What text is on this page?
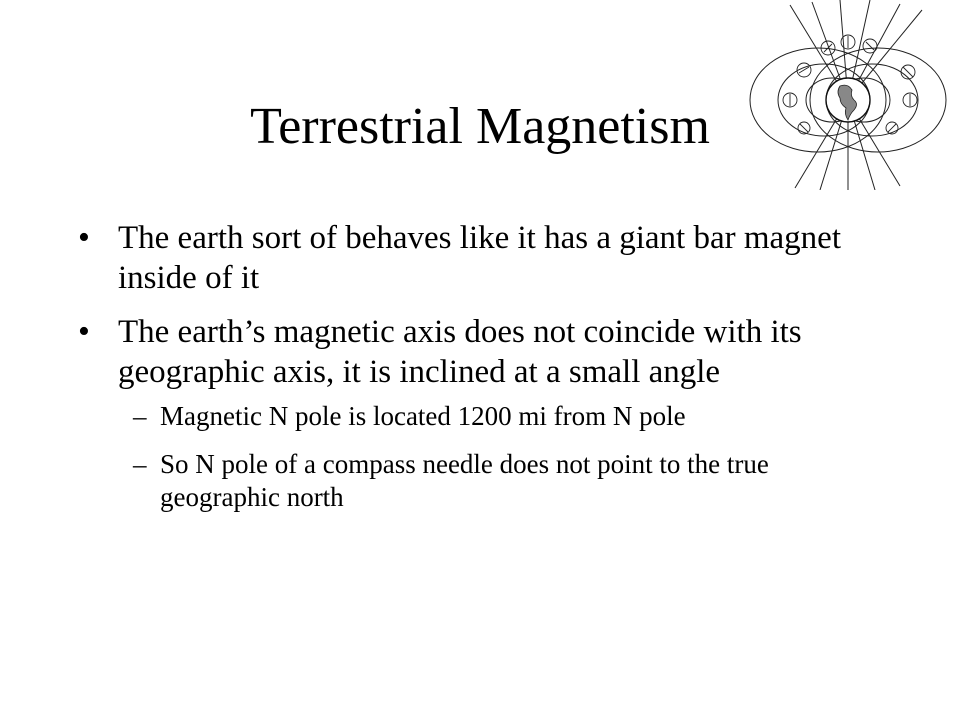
Terrestrial Magnetism
• The earth sort of behaves like it has a giant bar magnet inside of it
• The earth’s magnetic axis does not coincide with its geographic axis, it is inclined at a small angle
– Magnetic N pole is located 1200 mi from N pole
– So N pole of a compass needle does not point to the true geographic north
